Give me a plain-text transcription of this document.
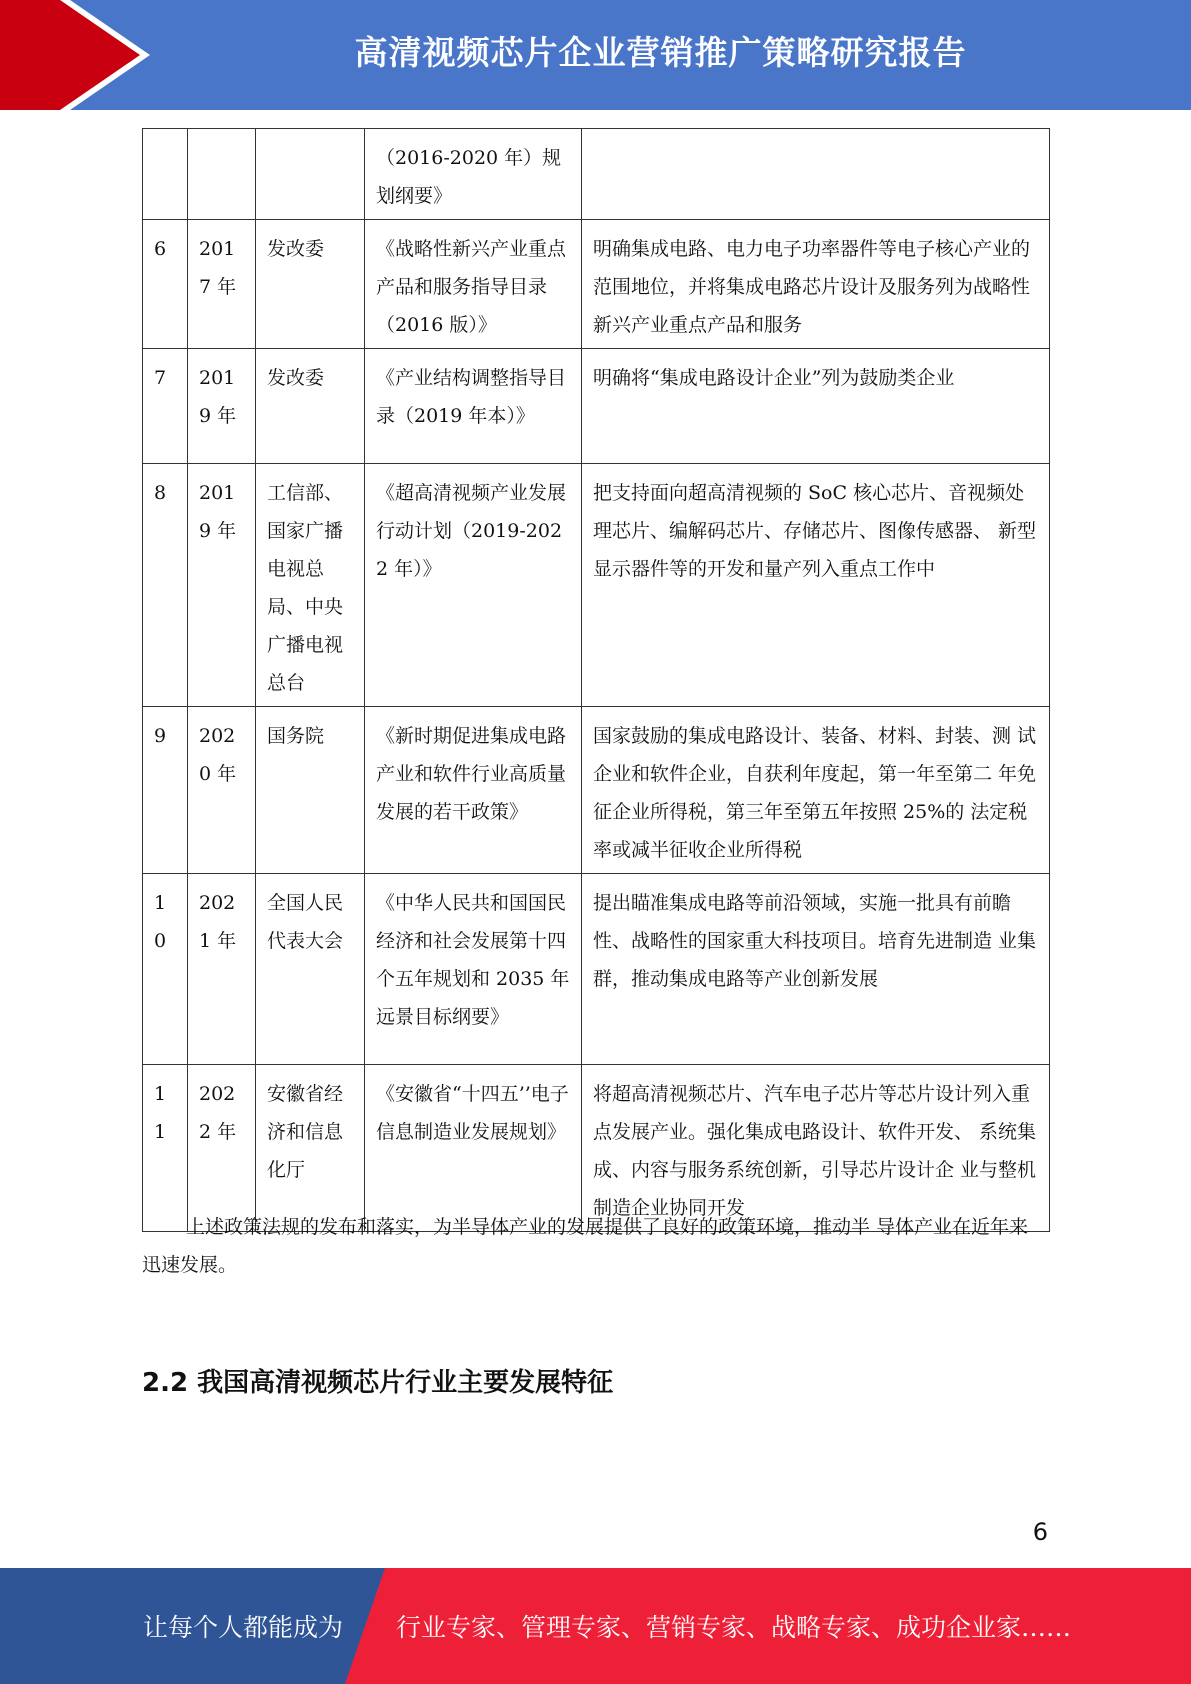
高清视频芯片企业营销推广策略研究报告
			（2016-2020 年）规划纲要》	
6	2017 年	发改委	《战略性新兴产业重点产品和服务指导目录（2016 版）》	明确集成电路、电力电子功率器件等电子核心产业的范围地位，并将集成电路芯片设计及服务列为战略性新兴产业重点产品和服务
7	2019 年	发改委	《产业结构调整指导目录（2019 年本）》	明确将“集成电路设计企业”列为鼓励类企业
8	2019 年	工信部、国家广播电视总局、中央广播电视总台	《超高清视频产业发展行动计划（2019-2022 年）》	把支持面向超高清视频的 SoC 核心芯片、音视频处理芯片、编解码芯片、存储芯片、图像传感器、 新型显示器件等的开发和量产列入重点工作中
9	2020 年	国务院	《新时期促进集成电路产业和软件行业高质量发展的若干政策》	国家鼓励的集成电路设计、装备、材料、封装、测 试企业和软件企业，自获利年度起，第一年至第二 年免征企业所得税，第三年至第五年按照 25%的 法定税率或减半征收企业所得税
10	2021 年	全国人民代表大会	《中华人民共和国国民经济和社会发展第十四个五年规划和 2035 年远景目标纲要》	提出瞄准集成电路等前沿领域，实施一批具有前瞻性、战略性的国家重大科技项目。培育先进制造 业集群，推动集成电路等产业创新发展
11	2022 年	安徽省经济和信息化厅	《安徽省“十四五’’电子信息制造业发展规划》	将超高清视频芯片、汽车电子芯片等芯片设计列入重点发展产业。强化集成电路设计、软件开发、 系统集成、内容与服务系统创新，引导芯片设计企 业与整机制造企业协同开发

上述政策法规的发布和落实，为半导体产业的发展提供了良好的政策环境，推动半 导体产业在近年来迅速发展。

2.2 我国高清视频芯片行业主要发展特征
6
让每个人都能成为 行业专家、管理专家、营销专家、战略专家、成功企业家……
